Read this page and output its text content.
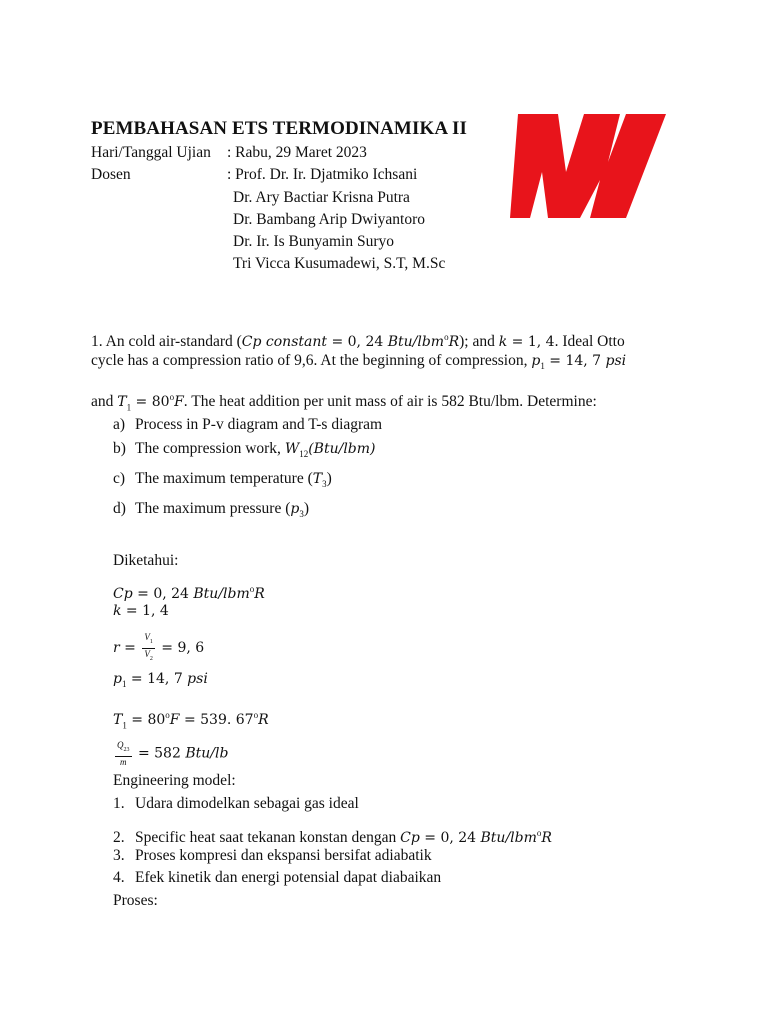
PEMBAHASAN ETS TERMODINAMIKA II
Hari/Tanggal Ujian : Rabu, 29 Maret 2023
Dosen	: Prof. Dr. Ir. Djatmiko Ichsani
Dr. Ary Bactiar Krisna Putra
Dr. Bambang Arip Dwiyantoro
Dr. Ir. Is Bunyamin Suryo
Tri Vicca Kusumadewi, S.T, M.Sc
1. An cold air-standard (Cp constant = 0, 24 Btu/lbm$^o$R); and k = 1, 4. Ideal Otto
cycle has a compression ratio of 9,6. At the beginning of compression, $p_1 = 14$, 7 psi
and $T_1 = 80^oF$. The heat addition per unit mass of air is 582 Btu/lbm. Determine:
a) Process in P-v diagram and T-s diagram
b) The compression work, $W_{12}(Btu/lbm)$
c) The maximum temperature $(T_3)$
d) The maximum pressure $(p_3)$
Diketahui:
Cp = 0, 24 Btu/lbm$^o$R
k = 1, 4
$r = \frac{V_1}{V_2} = 9$, 6
$p_1 = 14$, 7 psi
$T_1 = 80^oF = 539$. 67$^o$R
$\frac{Q_{23}}{m} = 582$ Btu/lb
Engineering model:
1. Udara dimodelkan sebagai gas ideal
2. Specific heat saat tekanan konstan dengan Cp = 0, 24 Btu/lbm$^o$R
3. Proses kompresi dan ekspansi bersifat adiabatik
4. Efek kinetik dan energi potensial dapat diabaikan
Proses:
